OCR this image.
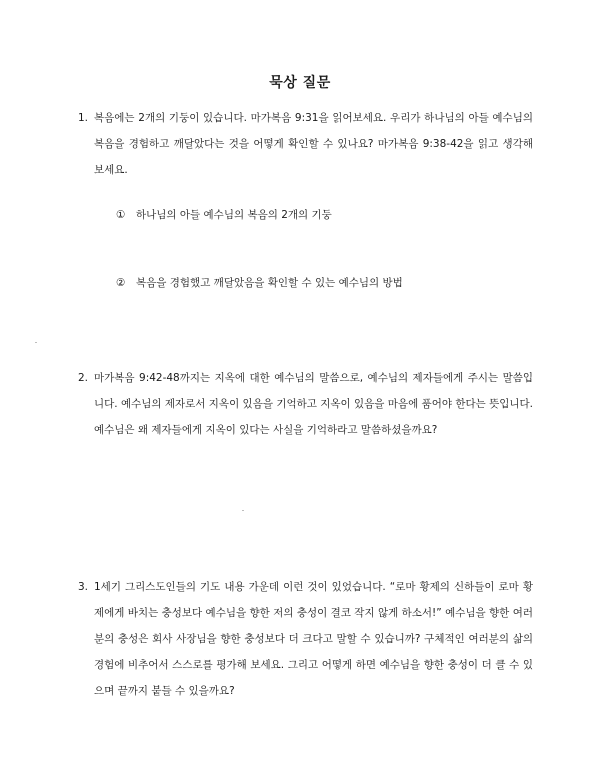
묵상 질문
1. 복음에는 2개의 기둥이 있습니다. 마가복음 9:31을 읽어보세요. 우리가 하나님의 아들 예수님의 복음을 경험하고 깨달았다는 것을 어떻게 확인할 수 있나요? 마가복음 9:38-42을 읽고 생각해 보세요.
① 하나님의 아들 예수님의 복음의 2개의 기둥
② 복음을 경험했고 깨달았음을 확인할 수 있는 예수님의 방법
2. 마가복음 9:42-48까지는 지옥에 대한 예수님의 말씀으로, 예수님의 제자들에게 주시는 말씀입니다. 예수님의 제자로서 지옥이 있음을 기억하고 지옥이 있음을 마음에 품어야 한다는 뜻입니다. 예수님은 왜 제자들에게 지옥이 있다는 사실을 기억하라고 말씀하셨을까요?
3. 1세기 그리스도인들의 기도 내용 가운데 이런 것이 있었습니다. “로마 황제의 신하들이 로마 황제에게 바치는 충성보다 예수님을 향한 저의 충성이 결코 작지 않게 하소서!” 예수님을 향한 여러분의 충성은 회사 사장님을 향한 충성보다 더 크다고 말할 수 있습니까? 구체적인 여러분의 삶의 경험에 비추어서 스스로를 평가해 보세요. 그리고 어떻게 하면 예수님을 향한 충성이 더 클 수 있으며 끝까지 붙들 수 있을까요?
